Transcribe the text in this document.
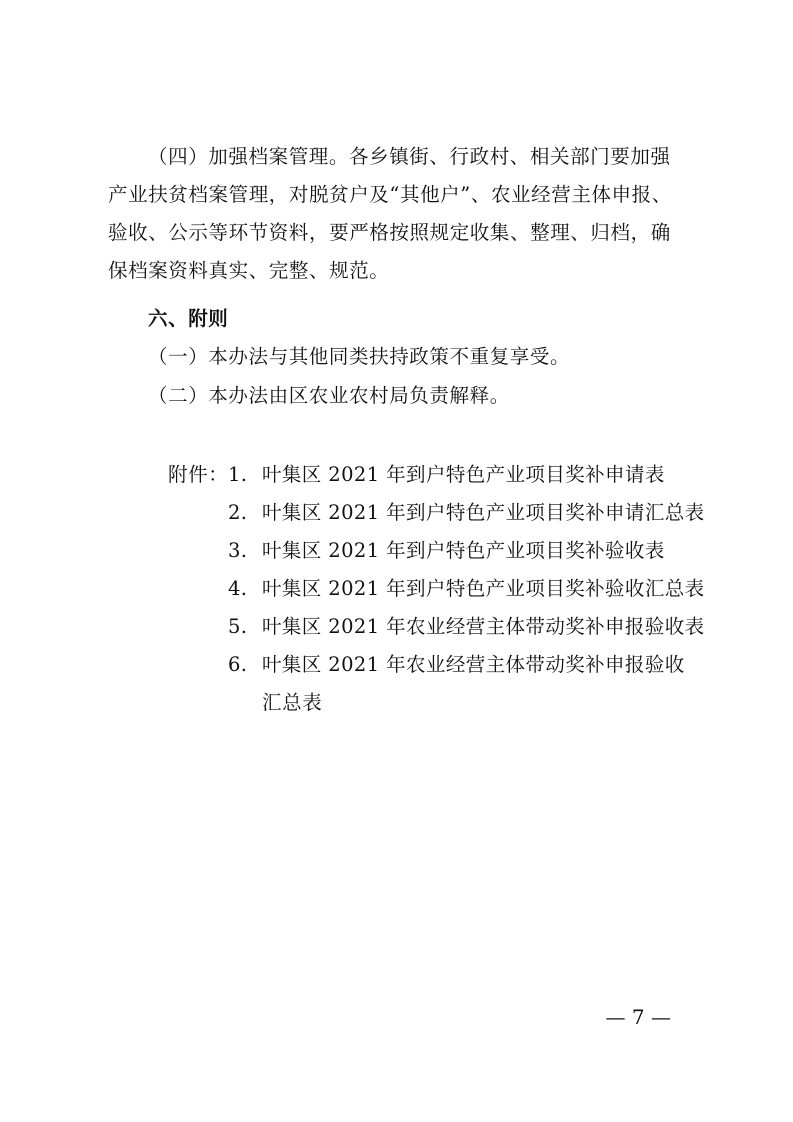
（四）加强档案管理。各乡镇街、行政村、相关部门要加强
产业扶贫档案管理，对脱贫户及“其他户”、农业经营主体申报、
验收、公示等环节资料，要严格按照规定收集、整理、归档，确
保档案资料真实、完整、规范。
六、附则
（一）本办法与其他同类扶持政策不重复享受。
（二）本办法由区农业农村局负责解释。
附件： 1. 叶集区 2021 年到户特色产业项目奖补申请表
2. 叶集区 2021 年到户特色产业项目奖补申请汇总表
3. 叶集区 2021 年到户特色产业项目奖补验收表
4. 叶集区 2021 年到户特色产业项目奖补验收汇总表
5. 叶集区 2021 年农业经营主体带动奖补申报验收表
6. 叶集区 2021 年农业经营主体带动奖补申报验收
汇总表
— 7 —
